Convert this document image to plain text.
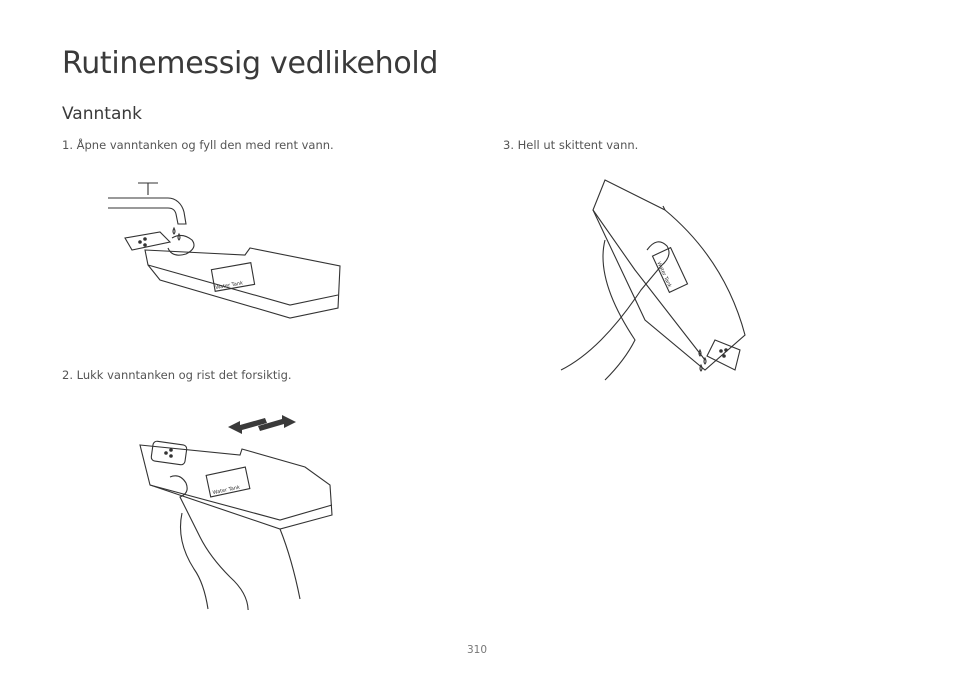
Rutinemessig vedlikehold
Vanntank

1. Åpne vanntanken og fyll den med rent vann.

2. Lukk vanntanken og rist det forsiktig.

3. Hell ut skittent vann.

Water Tank
Water Tank
Water Tank
310
